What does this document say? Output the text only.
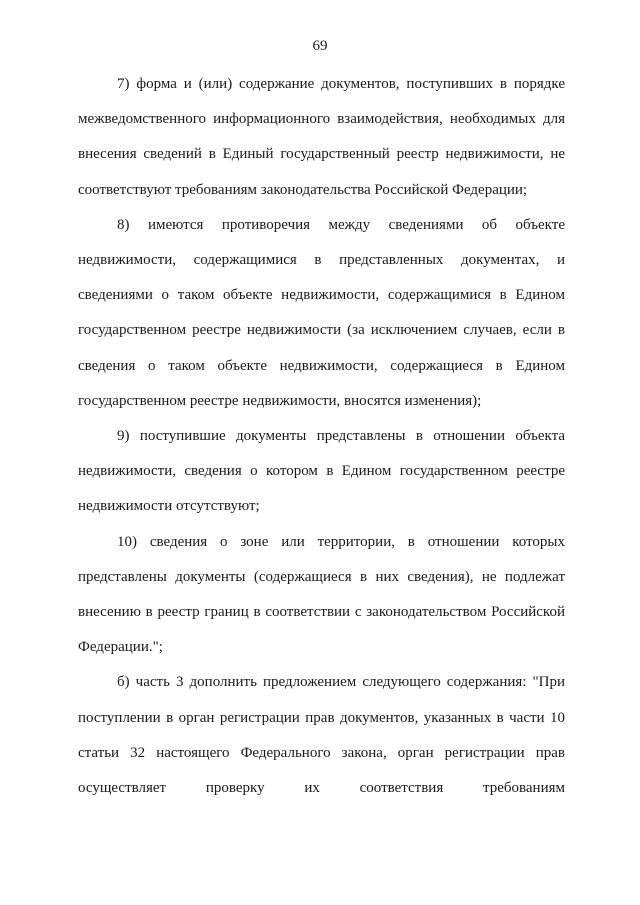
69

7) форма и (или) содержание документов, поступивших в порядке межведомственного информационного взаимодействия, необходимых для внесения сведений в Единый государственный реестр недвижимости, не соответствуют требованиям законодательства Российской Федерации;

8) имеются противоречия между сведениями об объекте недвижимости, содержащимися в представленных документах, и сведениями о таком объекте недвижимости, содержащимися в Едином государственном реестре недвижимости (за исключением случаев, если в сведения о таком объекте недвижимости, содержащиеся в Едином государственном реестре недвижимости, вносятся изменения);

9) поступившие документы представлены в отношении объекта недвижимости, сведения о котором в Едином государственном реестре недвижимости отсутствуют;

10) сведения о зоне или территории, в отношении которых представлены документы (содержащиеся в них сведения), не подлежат внесению в реестр границ в соответствии с законодательством Российской Федерации.";

б) часть 3 дополнить предложением следующего содержания: "При поступлении в орган регистрации прав документов, указанных в части 10 статьи 32 настоящего Федерального закона, орган регистрации прав осуществляет проверку их соответствия требованиям
